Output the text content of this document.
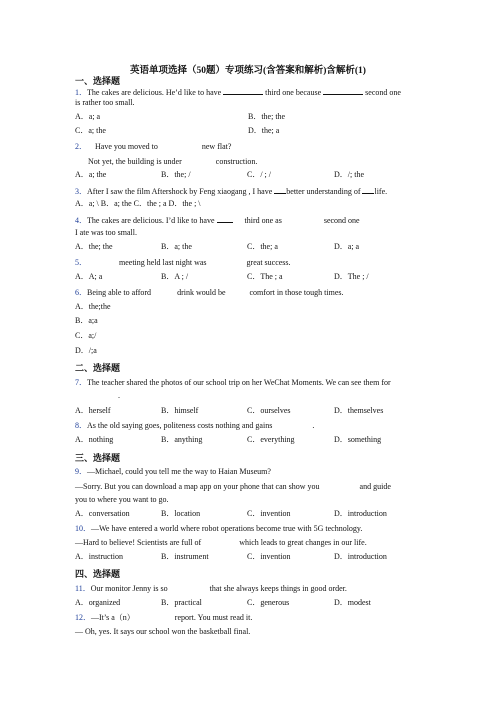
英语单项选择（50题）专项练习(含答案和解析)含解析(1)
一、选择题
1．The cakes are delicious. He’d like to have	third one because	second one
is rather too small.
A．a; a	B．the; the
C．a; the	D．the; a
2． Have you moved to	new flat?
Not yet, the building is under	construction.
A．a; the	B．the; /	C．/ ; /	D．/; the
3．After I saw the film Aftershock by Feng xiaogang , I have better understanding of life.
A．a; \ B．a; the C．the ; a D．the ; \
4．The cakes are delicious. I’d like to have	third one as	second one
I ate was too small.
A．the; the	B．a; the	C．the; a	D．a; a
5．	meeting held last night was	great success.
A．A; a	B．A ; /	C．The ; a	D．The ; /
6．Being able to afford	drink would be	comfort in those tough times.
A．the;the
B．a;a
C．a;/
D．/;a
二、选择题
7．The teacher shared the photos of our school trip on her WeChat Moments. We can see them for
.
A．herself	B．himself	C．ourselves	D．themselves
8．As the old saying goes, politeness costs nothing and gains	.
A．nothing	B．anything	C．everything	D．something
三、选择题
9．—Michael, could you tell me the way to Haian Museum?
—Sorry. But you can download a map app on your phone that can show you	and guide
you to where you want to go.
A．conversation	B．location	C．invention	D．introduction
10．—We have entered a world where robot operations become true with 5G technology.
—Hard to believe! Scientists are full of	which leads to great changes in our life.
A．instruction	B．instrument	C．invention	D．introduction
四、选择题
11．Our monitor Jenny is so	that she always keeps things in good order.
A．organized	B．practical	C．generous	D．modest
12．—It’s a（n）	report. You must read it.
— Oh, yes. It says our school won the basketball final.
